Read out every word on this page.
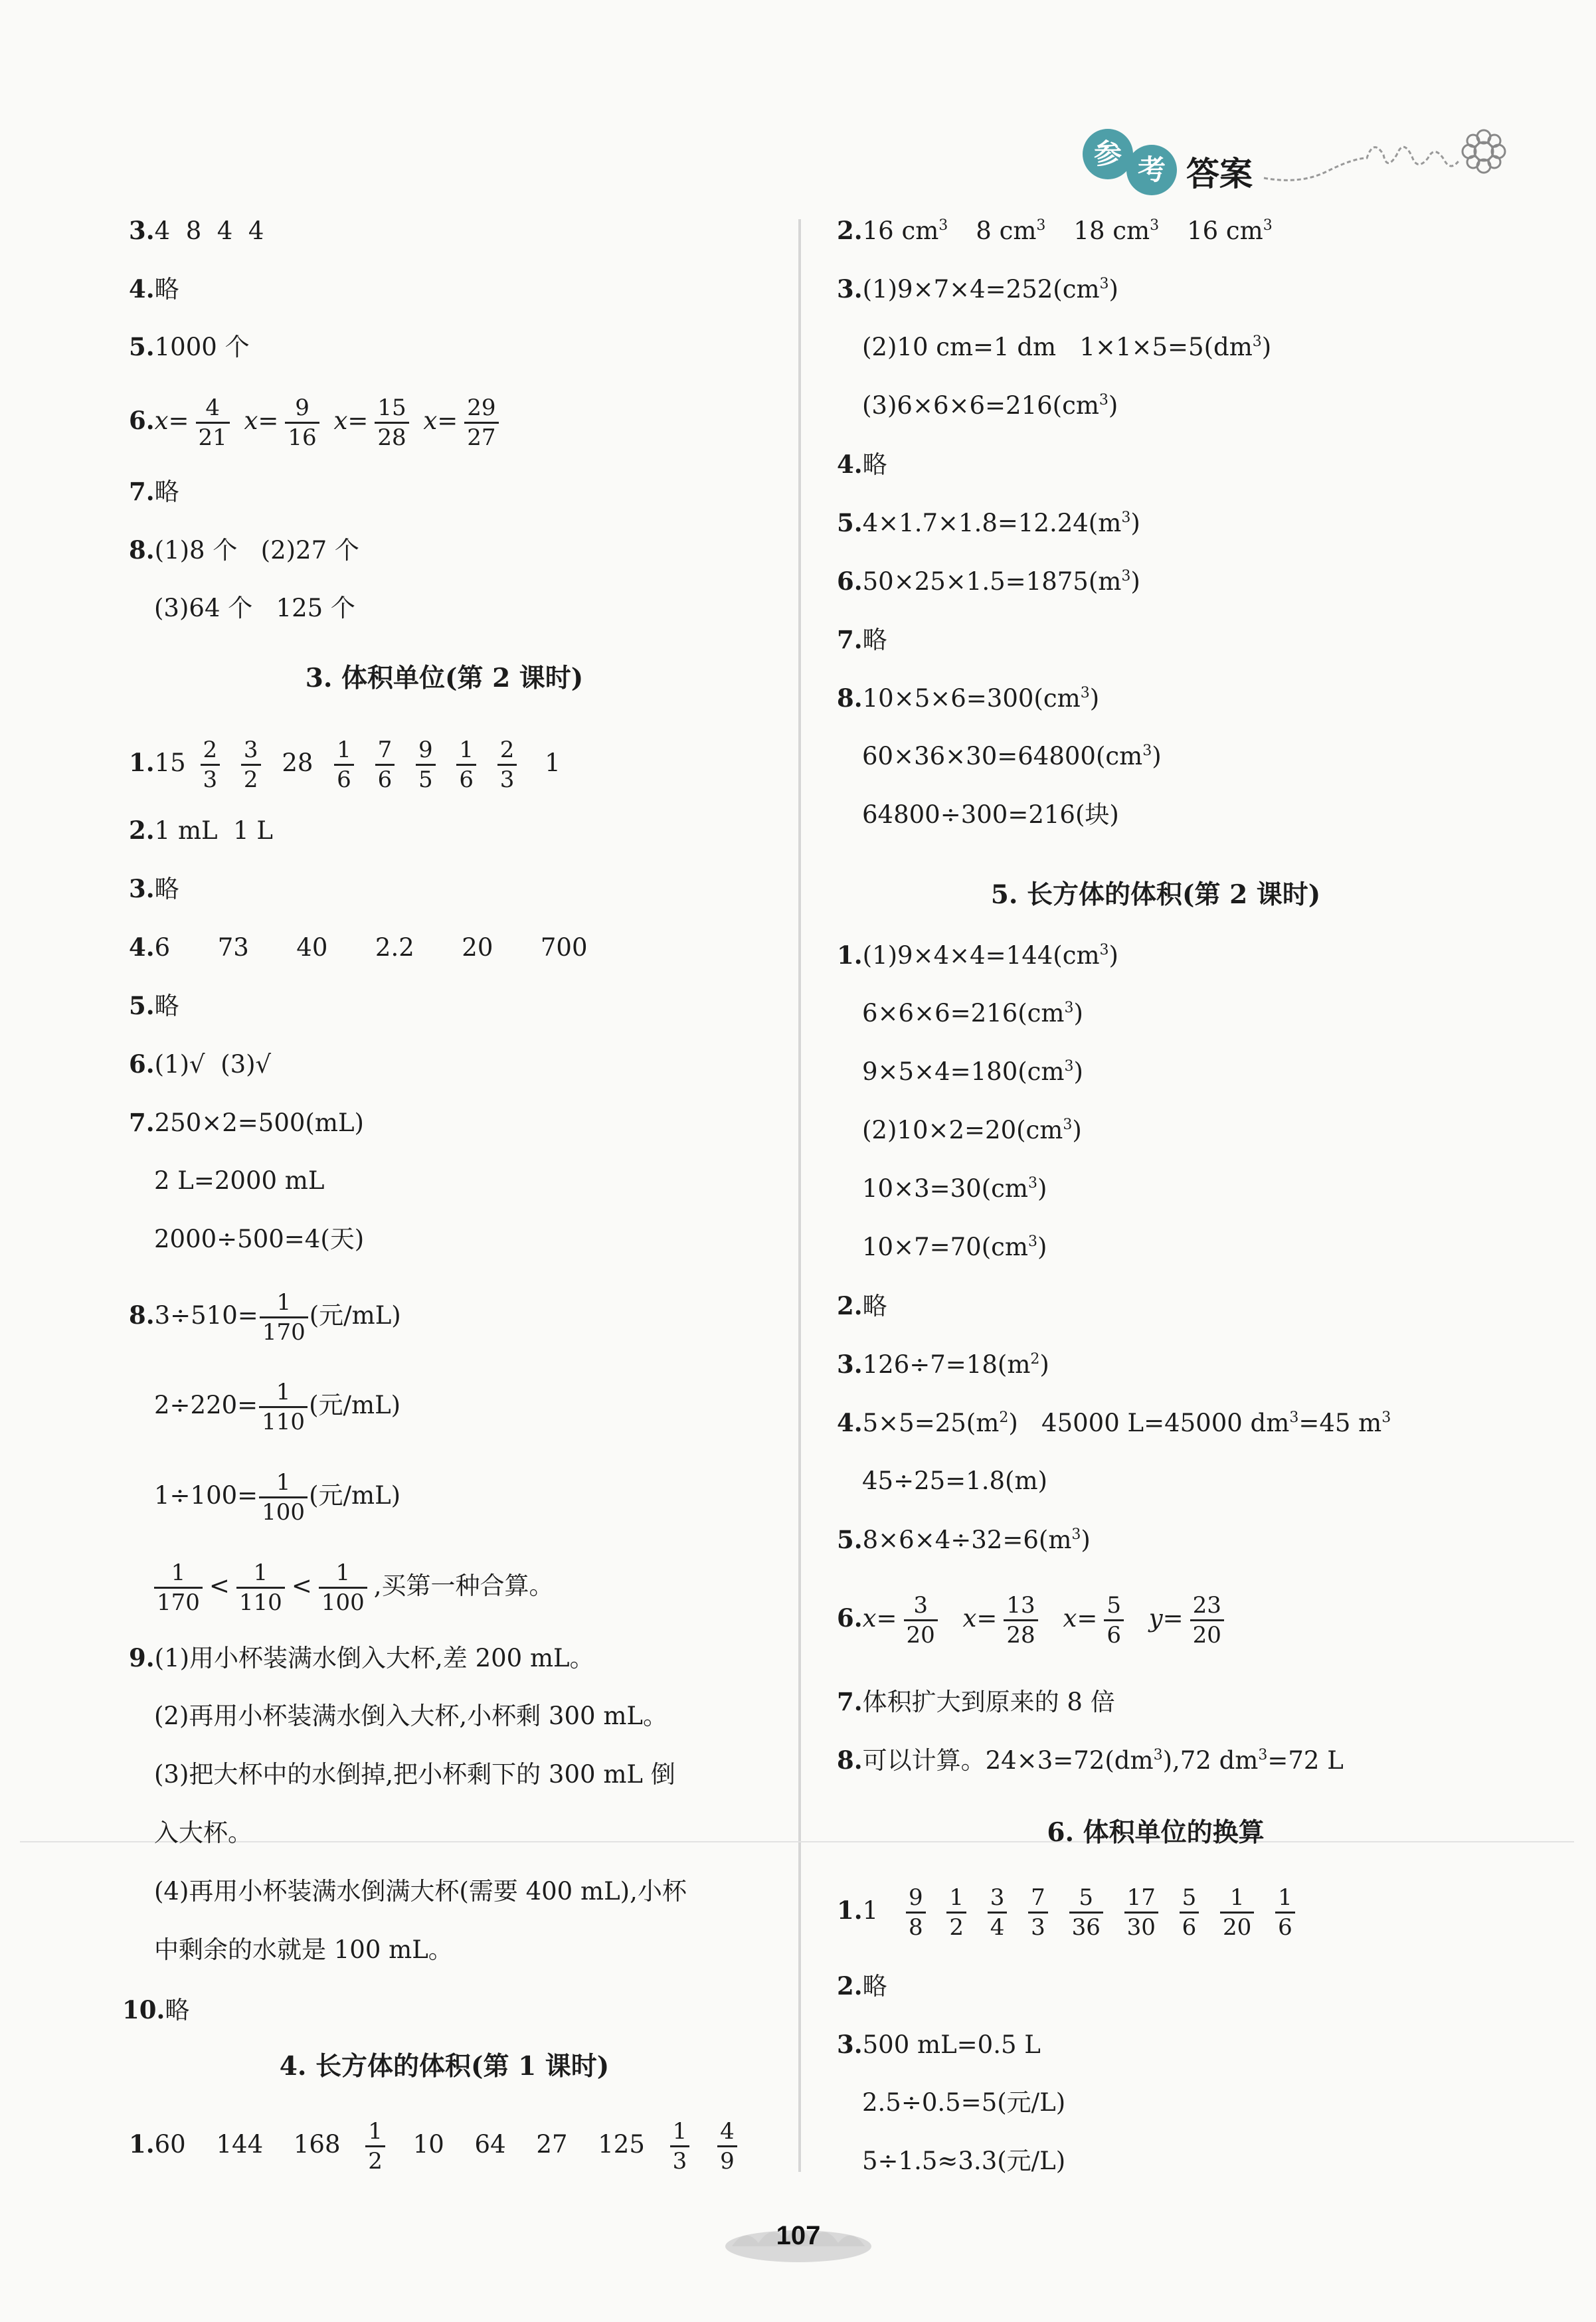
参 考 答案
3.4  8  4  4
4.略
5.1000 个
$6.x= \frac{4}{21} x= \frac{9}{16} x= \frac{15}{28} x= \frac{29}{27}$
7.略
8.(1)8 个   (2)27 个
(3)64 个   125 个
3. 体积单位(第 2 课时)
$1.15 \frac{2}{3}$
$\frac{3}{2} 28 \frac{1}{6}$
$\frac{7}{6}$
$\frac{9}{5}$
$\frac{1}{6}$
$\frac{2}{3} 1$
2.1 mL  1 L
3.略
4.6  73  40  2.2  20  700
5.略
6.(1)√  (3)√
7.250×2=500(mL)
2 L=2000 mL
2000÷500=4(天)
$8.3\div 510= \frac{1}{170}$ (元/mL)
$2\div 220= \frac{1}{110}$ (元/mL)
$1\div 100= \frac{1}{100}$ (元/mL)
$\frac{1}{170} < \frac{1}{110} < \frac{1}{100}$ ,买第一种合算。
9.(1)用小杯装满水倒入大杯,差 200 mL。
(2)再用小杯装满水倒入大杯,小杯剩 300 mL。
(3)把大杯中的水倒掉,把小杯剩下的 300 mL 倒
入大杯。
(4)再用小杯装满水倒满大杯(需要 400 mL),小杯
中剩余的水就是 100 mL。
10.略
4. 长方体的体积(第 1 课时)
1.60 144 $168 \frac{1}{2} 10$ 64 27 $125 \frac{1}{3}$
$\frac{4}{9}$
2.16 $cm^3$ 8 $cm^3$ 18 $cm^3$ 16 $cm^3$
$3.(1)9\times 7\times 4=252(cm^3)$
(2)10 cm=1 dm   $1\times 1\times 5=5(dm^3)$
$(3)6\times 6\times 6=216(cm^3)$
4.略
$5.4\times 1.7\times 1.8=12.24(m^3)$
$6.50\times 25\times 1.5=1875(m^3)$
7.略
$8.10\times 5\times 6=300(cm^3)$
$60\times 36\times 30=64800(cm^3)$
64800÷300=216(块)
5. 长方体的体积(第 2 课时)
$1.(1)9\times 4\times 4=144(cm^3)$
$6\times 6\times 6=216(cm^3)$
$9\times 5\times 4=180(cm^3)$
$(2)10\times 2=20(cm^3)$
$10\times 3=30(cm^3)$
$10\times 7=70(cm^3)$
2.略
$3.126\div 7=18(m^2)$
$4.5\times 5=25(m^2)$   45000 L=45000 $dm^3=45$ $m^3$
45÷25=1.8(m)
$5.8\times 6\times 4\div 32=6(m^3)$
$6.x= \frac{3}{20} x= \frac{13}{28} x= \frac{5}{6} y= \frac{23}{20}$
7.体积扩大到原来的 8 倍
8.可以计算。$24\times 3=72(dm^3),72$ $dm^3=72$ L
6. 体积单位的换算
$1.1 \frac{9}{8}$
$\frac{1}{2}$
$\frac{3}{4}$
$\frac{7}{3}$
$\frac{5}{36}$
$\frac{17}{30}$
$\frac{5}{6}$
$\frac{1}{20}$
$\frac{1}{6}$
2.略
3.500 mL=0.5 L
2.5÷0.5=5(元/L)
5÷1.5≈3.3(元/L)
107
